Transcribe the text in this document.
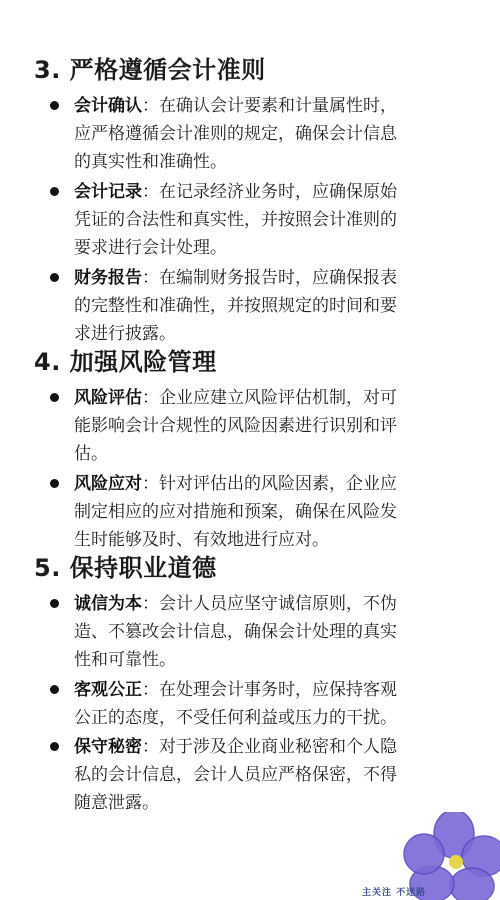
3. 严格遵循会计准则
会计确认：在确认会计要素和计量属性时，
应严格遵循会计准则的规定，确保会计信息
的真实性和准确性。
会计记录：在记录经济业务时，应确保原始
凭证的合法性和真实性，并按照会计准则的
要求进行会计处理。
财务报告：在编制财务报告时，应确保报表
的完整性和准确性，并按照规定的时间和要
求进行披露。
4. 加强风险管理
风险评估：企业应建立风险评估机制，对可
能影响会计合规性的风险因素进行识别和评
估。
风险应对：针对评估出的风险因素，企业应
制定相应的应对措施和预案，确保在风险发
生时能够及时、有效地进行应对。
5. 保持职业道德
诚信为本：会计人员应坚守诚信原则，不伪
造、不篡改会计信息，确保会计处理的真实
性和可靠性。
客观公正：在处理会计事务时，应保持客观
公正的态度，不受任何利益或压力的干扰。
保守秘密：对于涉及企业商业秘密和个人隐
私的会计信息，会计人员应严格保密，不得
随意泄露。
主关注 不迷路
